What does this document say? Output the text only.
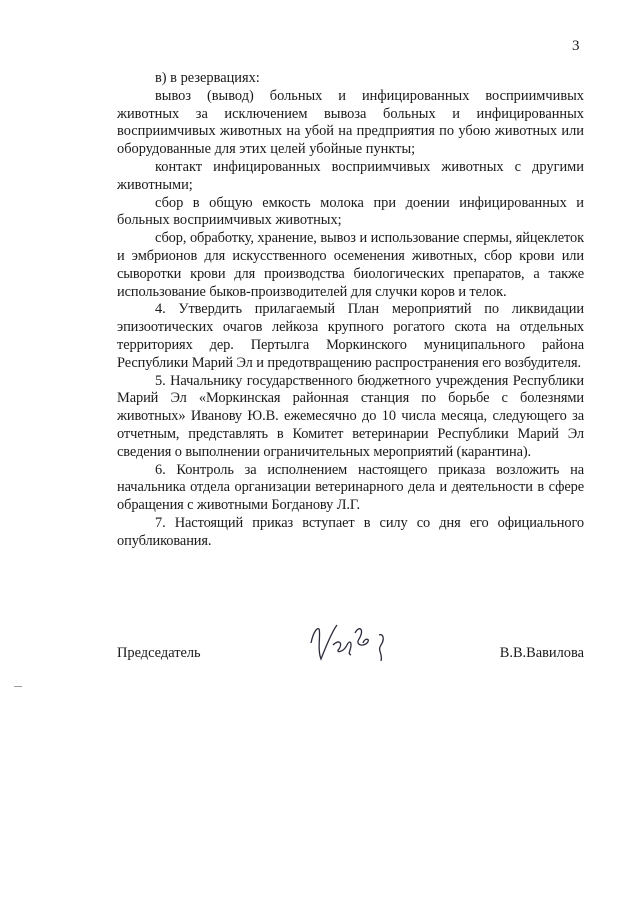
3

в) в резервациях:

вывоз (вывод) больных и инфицированных восприимчивых животных за исключением вывоза больных и инфицированных восприимчивых животных на убой на предприятия по убою животных или оборудованные для этих целей убойные пункты;

контакт инфицированных восприимчивых животных с другими животными;

сбор в общую емкость молока при доении инфицированных и больных восприимчивых животных;

сбор, обработку, хранение, вывоз и использование спермы, яйцеклеток и эмбрионов для искусственного осеменения животных, сбор крови или сыворотки крови для производства биологических препаратов, а также использование быков-производителей для случки коров и телок.

4. Утвердить прилагаемый План мероприятий по ликвидации эпизоотических очагов лейкоза крупного рогатого скота на отдельных территориях дер. Пертылга Моркинского муниципального района Республики Марий Эл и предотвращению распространения его возбудителя.

5. Начальнику государственного бюджетного учреждения Республики Марий Эл «Моркинская районная станция по борьбе с болезнями животных» Иванову Ю.В. ежемесячно до 10 числа месяца, следующего за отчетным, представлять в Комитет ветеринарии Республики Марий Эл сведения о выполнении ограничительных мероприятий (карантина).

6. Контроль за исполнением настоящего приказа возложить на начальника отдела организации ветеринарного дела и деятельности в сфере обращения с животными Богданову Л.Г.

7. Настоящий приказ вступает в силу со дня его официального опубликования.

Председатель	В.В.Вавилова
